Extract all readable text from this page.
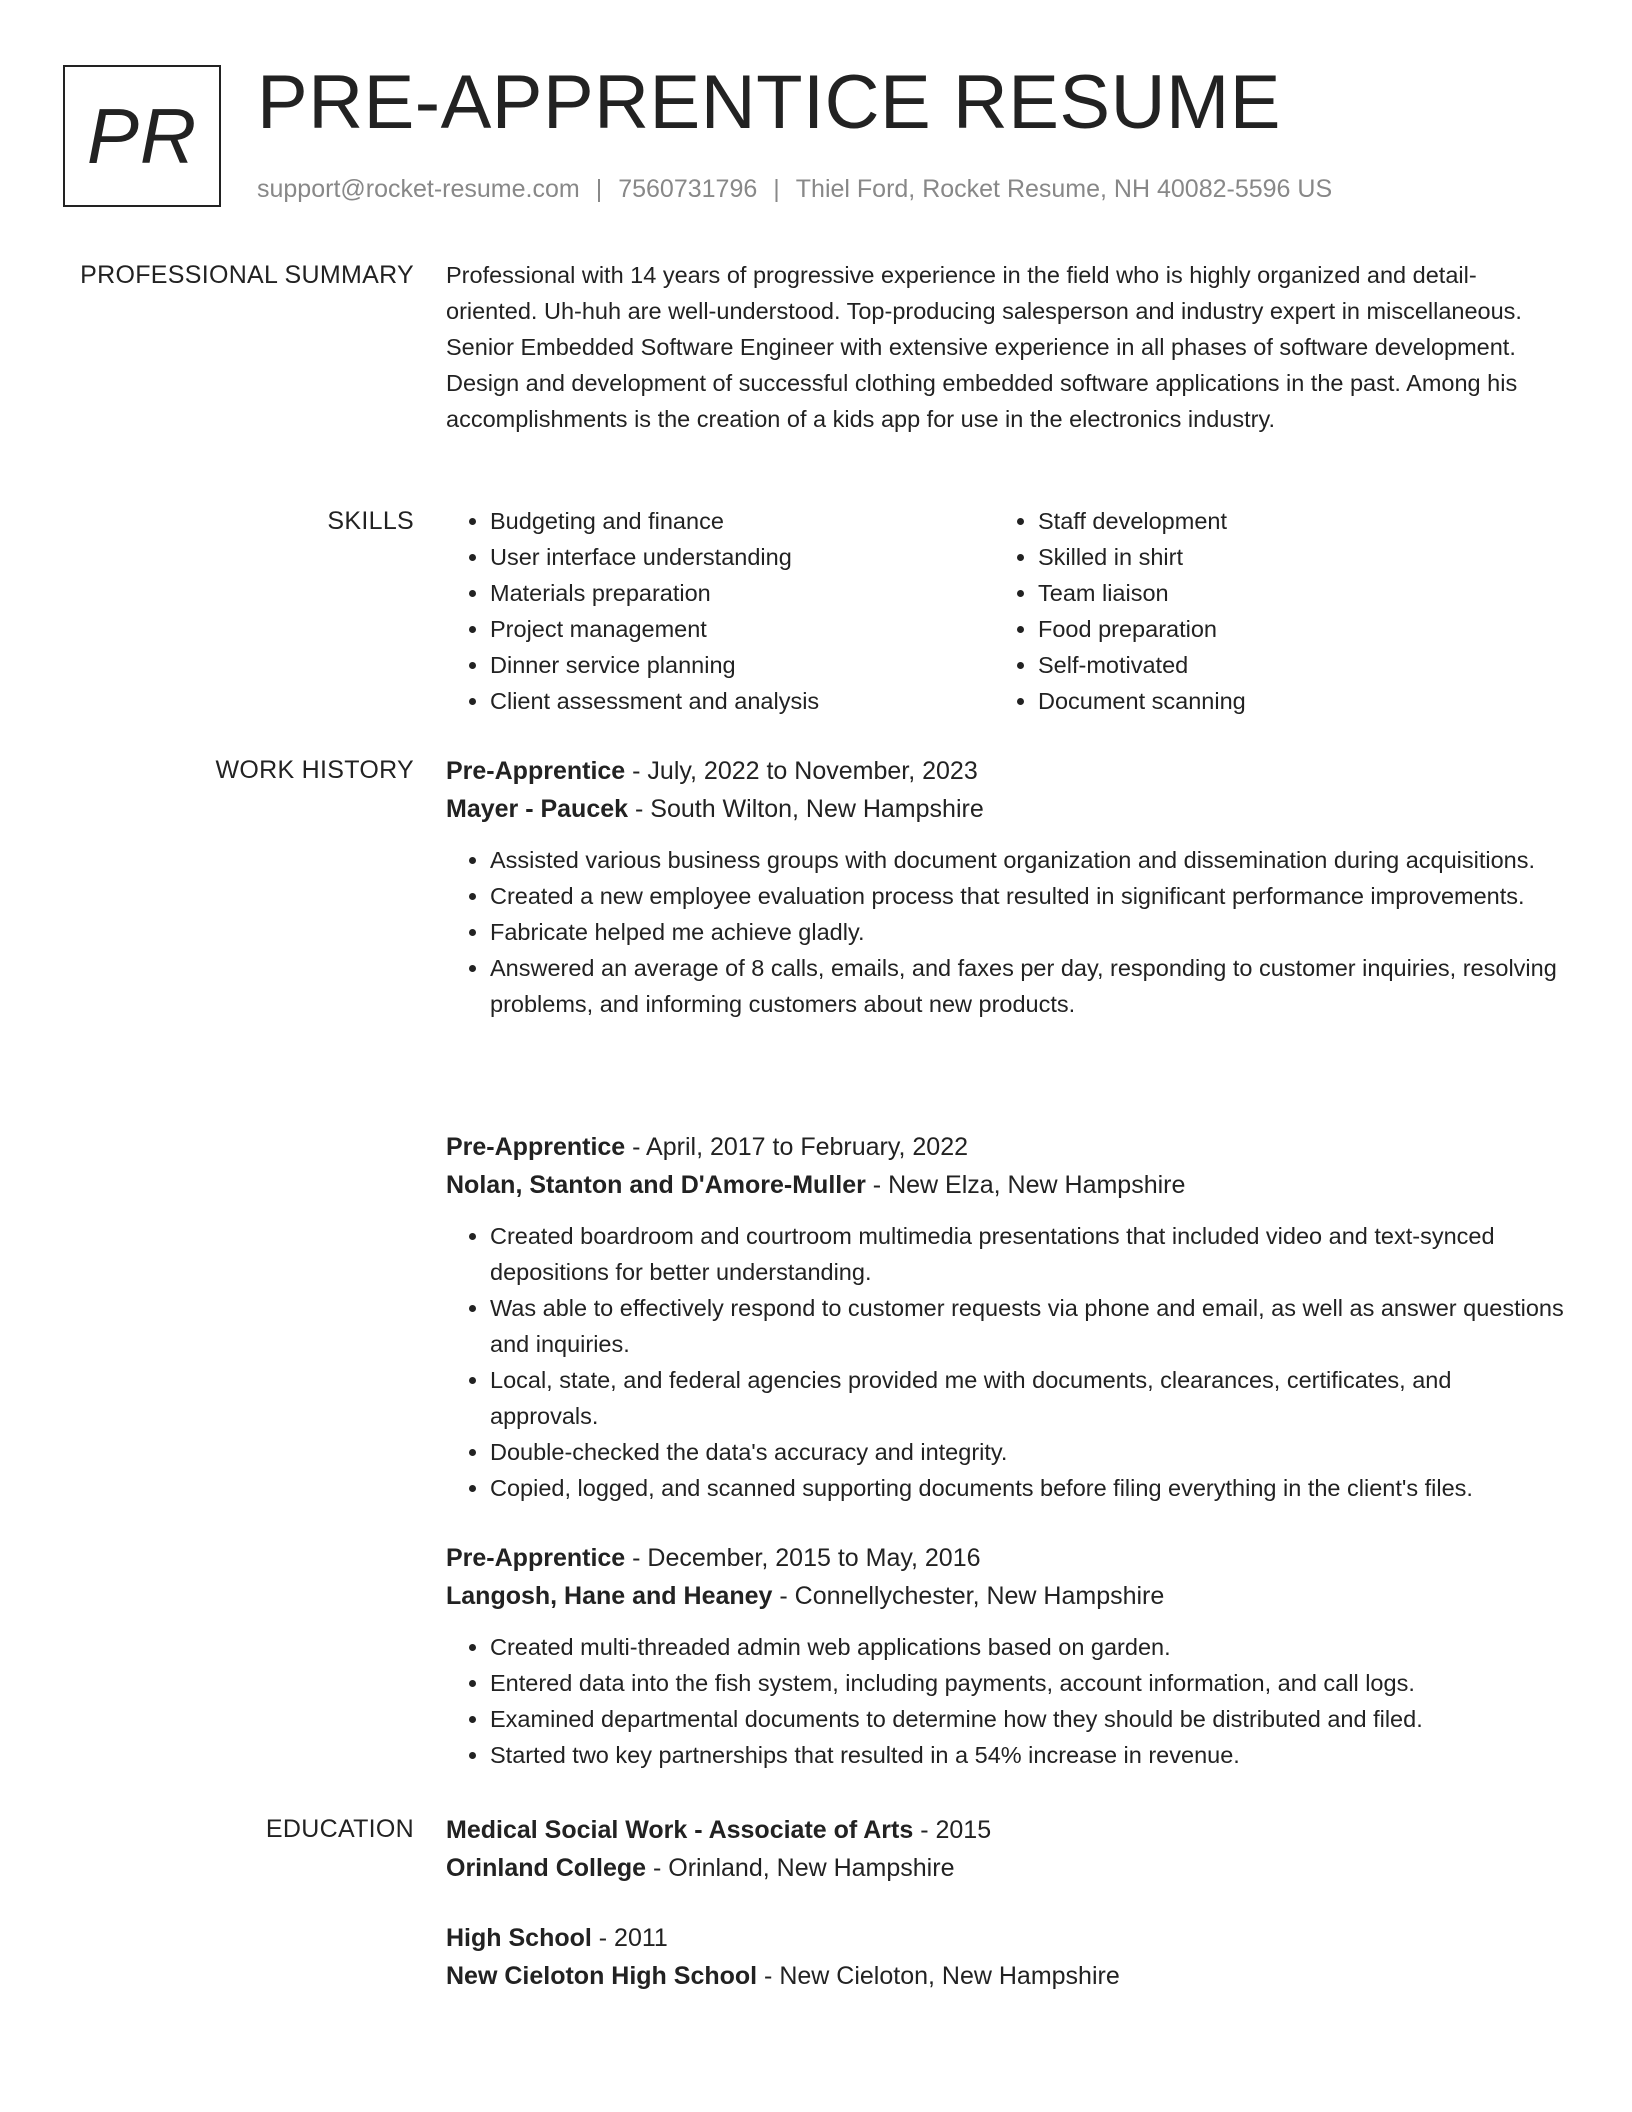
PR PRE-APPRENTICE RESUME
support@rocket-resume.com | 7560731796 | Thiel Ford, Rocket Resume, NH 40082-5596 US
PROFESSIONAL SUMMARY Professional with 14 years of progressive experience in the field who is highly organized and detail-oriented. Uh-huh are well-understood. Top-producing salesperson and industry expert in miscellaneous. Senior Embedded Software Engineer with extensive experience in all phases of software development. Design and development of successful clothing embedded software applications in the past. Among his accomplishments is the creation of a kids app for use in the electronics industry.

SKILLS
•	Budgeting and finance
• User interface understanding
• Materials preparation
• Project management
• Dinner service planning
• Client assessment and analysis
• Staff development
• Skilled in shirt
• Team liaison
• Food preparation
• Self-motivated
• Document scanning
WORK HISTORY Pre-Apprentice - July, 2022 to November, 2023

Mayer - Paucek - South Wilton, New Hampshire

• Assisted various business groups with document organization and dissemination during acquisitions.
• Created a new employee evaluation process that resulted in significant performance improvements.
• Fabricate helped me achieve gladly.
• Answered an average of 8 calls, emails, and faxes per day, responding to customer inquiries, resolving problems, and informing customers about new products.

Pre-Apprentice - April, 2017 to February, 2022

Nolan, Stanton and D'Amore-Muller - New Elza, New Hampshire

• Created boardroom and courtroom multimedia presentations that included video and text-synced depositions for better understanding.
• Was able to effectively respond to customer requests via phone and email, as well as answer questions and inquiries.
• Local, state, and federal agencies provided me with documents, clearances, certificates, and approvals.
• Double-checked the data's accuracy and integrity.
• Copied, logged, and scanned supporting documents before filing everything in the client's files.

Pre-Apprentice - December, 2015 to May, 2016

Langosh, Hane and Heaney - Connellychester, New Hampshire

• Created multi-threaded admin web applications based on garden.
• Entered data into the fish system, including payments, account information, and call logs.
• Examined departmental documents to determine how they should be distributed and filed.
• Started two key partnerships that resulted in a 54% increase in revenue.
EDUCATION Medical Social Work - Associate of Arts - 2015

Orinland College - Orinland, New Hampshire

High School - 2011

New Cieloton High School - New Cieloton, New Hampshire
